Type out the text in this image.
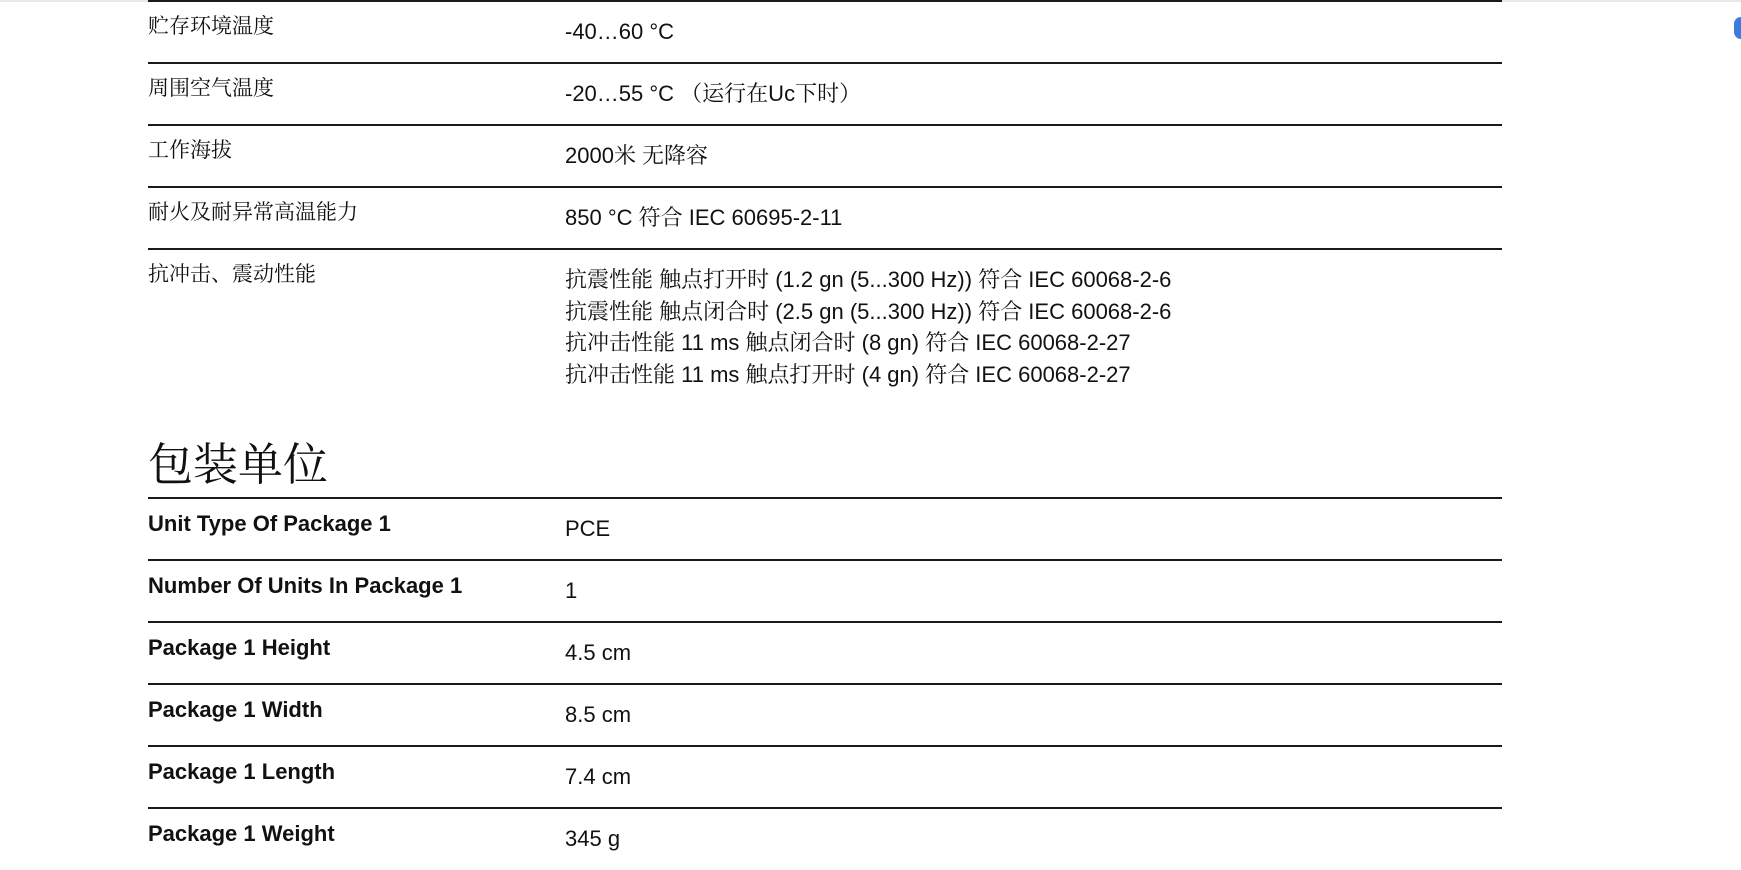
贮存环境温度	-40…60 °C
周围空气温度	-20…55 °C （运行在Uc下时）
工作海拔	2000米 无降容
耐火及耐异常高温能力	850 °C 符合 IEC 60695-2-11
抗冲击、震动性能	抗震性能 触点打开时 (1.2 gn (5...300 Hz)) 符合 IEC 60068-2-6
抗震性能 触点闭合时 (2.5 gn (5...300 Hz)) 符合 IEC 60068-2-6
抗冲击性能 11 ms 触点闭合时 (8 gn) 符合 IEC 60068-2-27
抗冲击性能 11 ms 触点打开时 (4 gn) 符合 IEC 60068-2-27
包装单位
Unit Type Of Package 1	PCE
Number Of Units In Package 1	1
Package 1 Height	4.5 cm
Package 1 Width	8.5 cm
Package 1 Length	7.4 cm
Package 1 Weight	345 g
